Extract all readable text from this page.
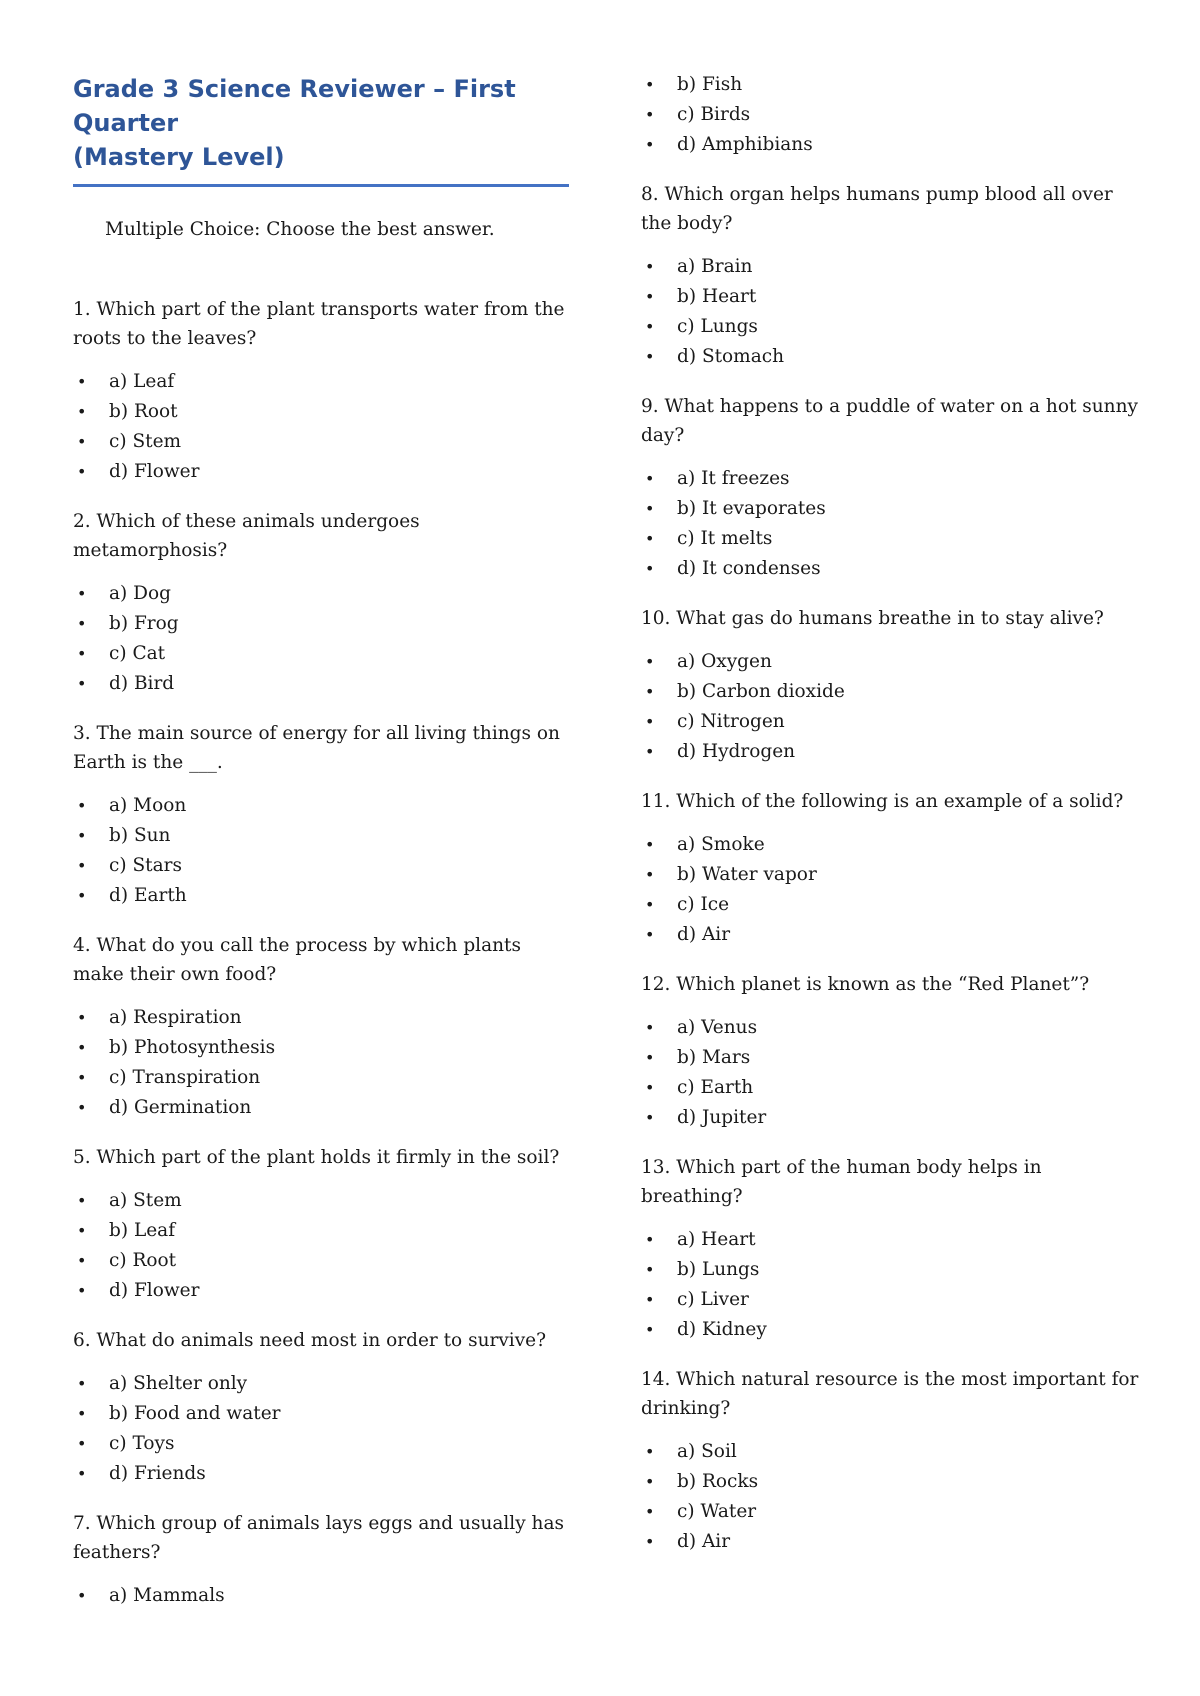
Grade 3 Science Reviewer – First Quarter
(Mastery Level)

Multiple Choice: Choose the best answer.

1. Which part of the plant transports water from the roots to the leaves?

• a) Leaf
• b) Root
• c) Stem
• d) Flower

2. Which of these animals undergoes metamorphosis?

• a) Dog
• b) Frog
• c) Cat
• d) Bird

3. The main source of energy for all living things on Earth is the ___.

• a) Moon
• b) Sun
• c) Stars
• d) Earth

4. What do you call the process by which plants make their own food?

• a) Respiration
• b) Photosynthesis
• c) Transpiration
• d) Germination

5. Which part of the plant holds it firmly in the soil?

• a) Stem
• b) Leaf
• c) Root
• d) Flower

6. What do animals need most in order to survive?

• a) Shelter only
• b) Food and water
• c) Toys
• d) Friends

7. Which group of animals lays eggs and usually has feathers?

• a) Mammals
• b) Fish
• c) Birds
• d) Amphibians

8. Which organ helps humans pump blood all over the body?

• a) Brain
• b) Heart
• c) Lungs
• d) Stomach

9. What happens to a puddle of water on a hot sunny day?

• a) It freezes
• b) It evaporates
• c) It melts
• d) It condenses

10. What gas do humans breathe in to stay alive?

• a) Oxygen
• b) Carbon dioxide
• c) Nitrogen
• d) Hydrogen

11. Which of the following is an example of a solid?

• a) Smoke
• b) Water vapor
• c) Ice
• d) Air

12. Which planet is known as the “Red Planet”?

• a) Venus
• b) Mars
• c) Earth
• d) Jupiter

13. Which part of the human body helps in breathing?

• a) Heart
• b) Lungs
• c) Liver
• d) Kidney

14. Which natural resource is the most important for drinking?

• a) Soil
• b) Rocks
• c) Water
• d) Air
